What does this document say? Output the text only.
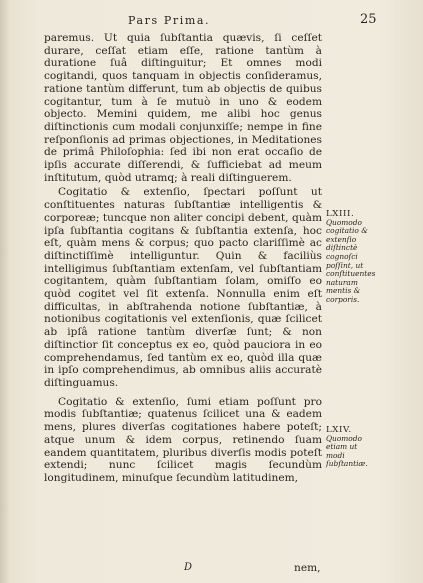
Pars Prima.	25

paremus. Ut quia ſubſtantia quævis, ſi ceſſet durare, ceſſat etiam eſſe, ratione tantùm à duratione ſuâ diſtinguitur; Et omnes modi cogitandi, quos tanquam in objectis conſideramus, ratione tantùm differunt, tum ab objectis de quibus cogitantur, tum à ſe mutuò in uno & eodem objecto. Memini quidem, me alibi hoc genus diſtinctionis cum modali conjunxiſſe; nempe in fine reſponſionis ad primas objectiones, in Meditationes de primâ Philoſophia: ſed ibi non erat occaſio de ipſis accurate diſſerendi, & ſufficiebat ad meum inſtitutum, quòd utramq; à reali diſtinguerem.

Cogitatio & extenſio, ſpectari poſſunt ut conſtituentes naturas ſubſtantiæ intelligentis & corporeæ; tuncque non aliter concipi debent, quàm ipſa ſubſtantia cogitans & ſubſtantia extenſa, hoc eſt, quàm mens & corpus; quo pacto clariſſimè ac diſtinctiſſimè intelliguntur. Quin & faciliùs intelligimus ſubſtantiam extenſam, vel ſubſtantiam cogitantem, quàm ſubſtantiam ſolam, omiſſo eo quòd cogitet vel ſit extenſa. Nonnulla enim eſt difficultas, in abſtrahenda notione ſubſtantiæ, à notionibus cogitationis vel extenſionis, quæ ſcilicet ab ipſâ ratione tantùm diverſæ ſunt; & non diſtinctior ſit conceptus ex eo, quòd pauciora in eo comprehendamus, ſed tantùm ex eo, quòd illa quæ in ipſo comprehendimus, ab omnibus aliis accuratè diſtinguamus.

Cogitatio & extenſio, ſumi etiam poſſunt pro modis ſubſtantiæ; quatenus ſcilicet una & eadem mens, plures diverſas cogitationes habere poteſt; atque unum & idem corpus, retinendo ſuam eandem quantitatem, pluribus diverſis modis poteſt extendi; nunc ſcilicet magis ſecundùm longitudinem, minuſque ſecundùm latitudinem,

LXIII.
Quomodo cogitatio & extenſio diſtinctè cognoſci poſſint, ut conſtituentes naturam mentis & corporis.
LXIV.
Quomodo etiam ut modi ſubſtantiæ.
D	nem,
